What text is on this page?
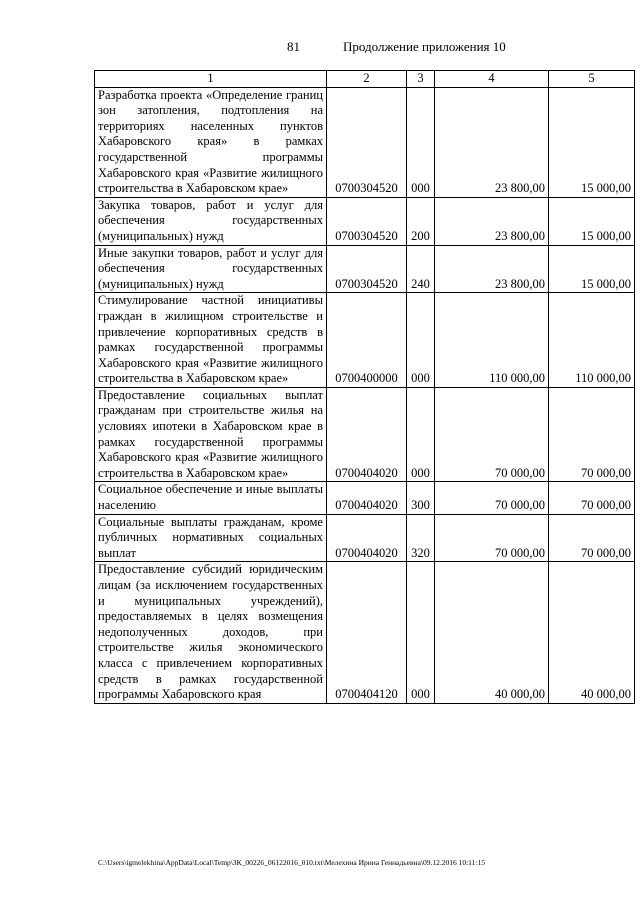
81	Продолжение приложения 10
1	2	3	4	5
Разработка проекта «Определение границ зон затопления, подтопления на территориях населенных пунктов Хабаровского края» в рамках государственной программы Хабаровского края «Развитие жилищного строительства в Хабаровском крае»	0700304520	000	23 800,00	15 000,00
Закупка товаров, работ и услуг для обеспечения государственных (муниципальных) нужд	0700304520	200	23 800,00	15 000,00
Иные закупки товаров, работ и услуг для обеспечения государственных (муниципальных) нужд	0700304520	240	23 800,00	15 000,00
Стимулирование частной инициативы граждан в жилищном строительстве и привлечение корпоративных средств в рамках государственной программы Хабаровского края «Развитие жилищного строительства в Хабаровском крае»	0700400000	000	110 000,00	110 000,00
Предоставление социальных выплат гражданам при строительстве жилья на условиях ипотеки в Хабаровском крае в рамках государственной программы Хабаровского края «Развитие жилищного строительства в Хабаровском крае»	0700404020	000	70 000,00	70 000,00
Социальное обеспечение и иные выплаты населению	0700404020	300	70 000,00	70 000,00
Социальные выплаты гражданам, кроме публичных нормативных социальных выплат	0700404020	320	70 000,00	70 000,00
Предоставление субсидий юридическим лицам (за исключением государственных и муниципальных учреждений), предоставляемых в целях возмещения недополученных доходов, при строительстве жилья экономического класса с привлечением корпоративных средств в рамках государственной программы Хабаровского края	0700404120	000	40 000,00	40 000,00
C:\Users\igmelekhina\AppData\Local\Temp\ЗК_00226_06122016_010.txt\Мелехина Ирина Геннадьевна\09.12.2016 10:11:15
